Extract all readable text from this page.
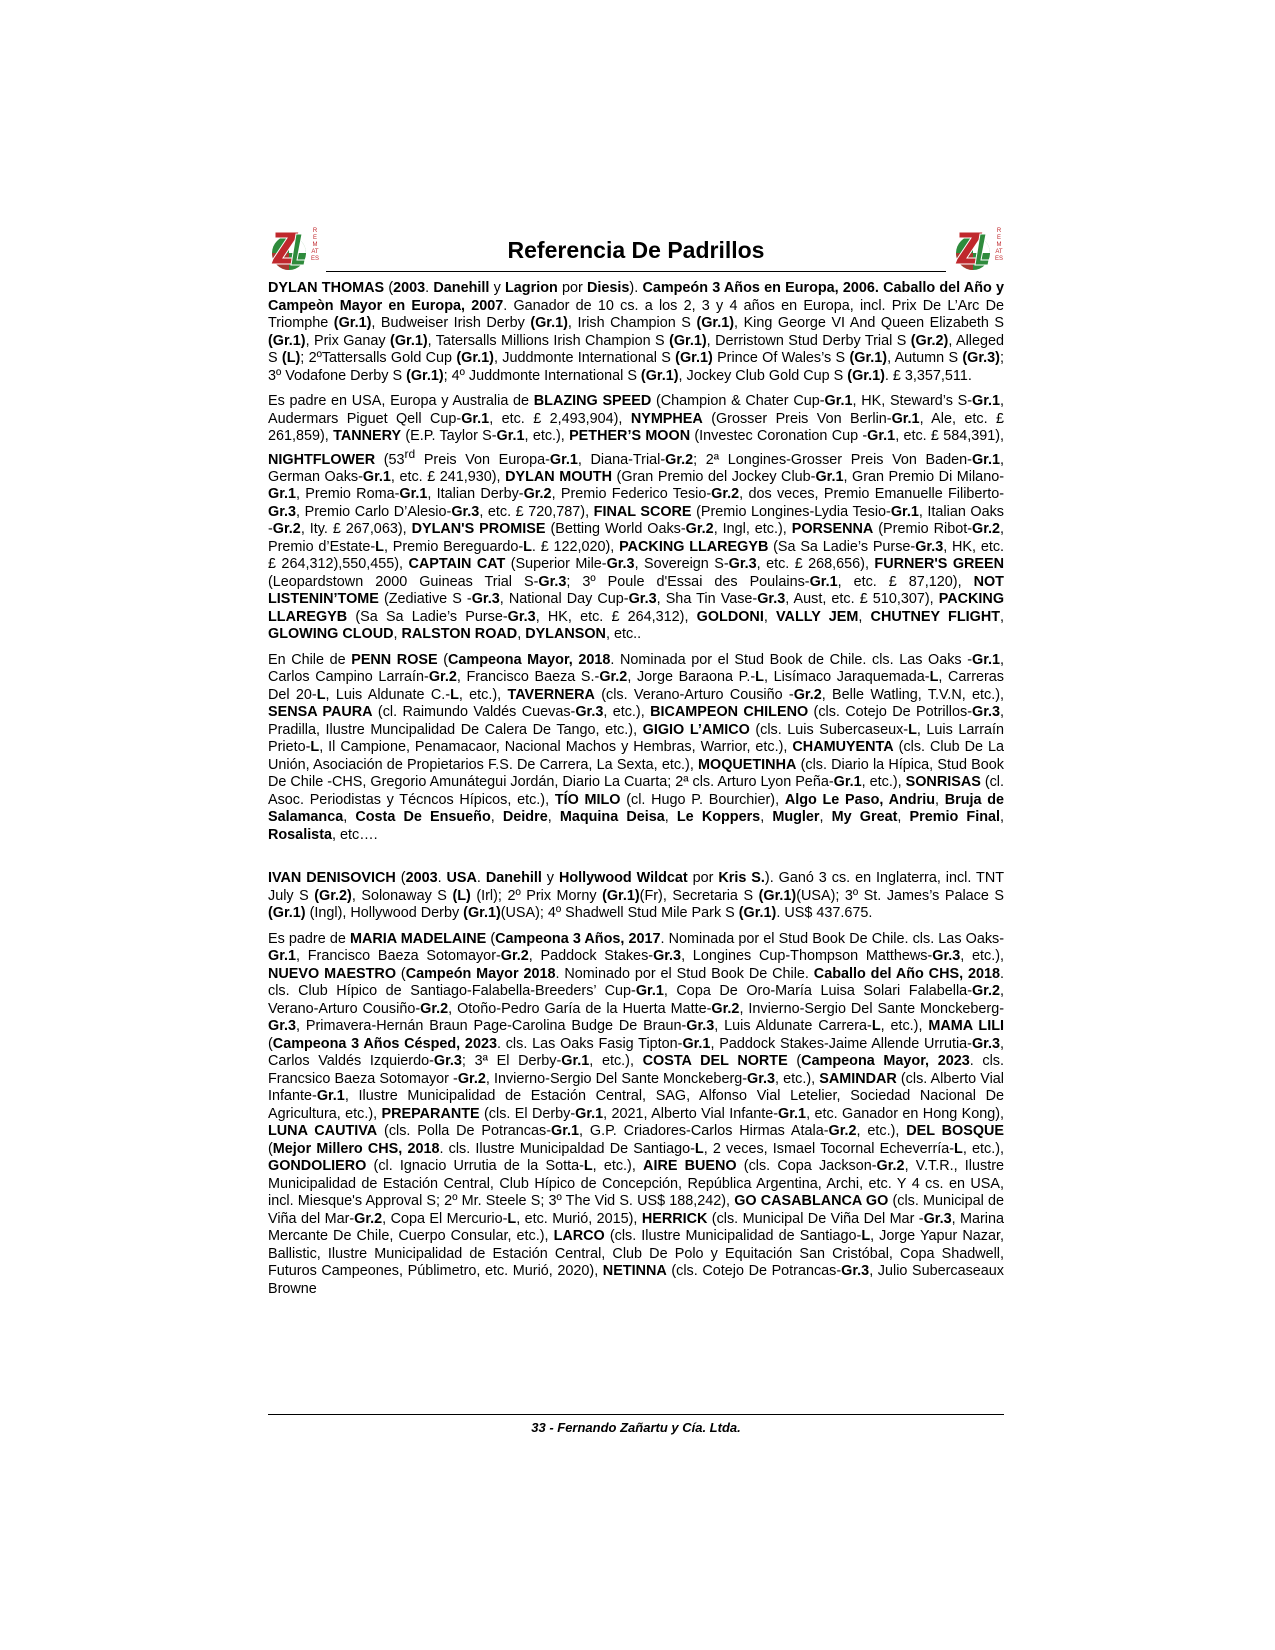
REMATES	Referencia De Padrillos
REMATES

DYLAN THOMAS (2003. Danehill y Lagrion por Diesis). Campeón 3 Años en Europa, 2006. Caballo del Año y Campeòn Mayor en Europa, 2007. Ganador de 10 cs. a los 2, 3 y 4 años en Europa, incl. Prix De L’Arc De Triomphe (Gr.1), Budweiser Irish Derby (Gr.1), Irish Champion S (Gr.1), King George VI And Queen Elizabeth S (Gr.1), Prix Ganay (Gr.1), Tatersalls Millions Irish Champion S (Gr.1), Derristown Stud Derby Trial S (Gr.2), Alleged S (L); 2ºTattersalls Gold Cup (Gr.1), Juddmonte International S (Gr.1) Prince Of Wales’s S (Gr.1), Autumn S (Gr.3); 3º Vodafone Derby S (Gr.1); 4º Juddmonte International S (Gr.1), Jockey Club Gold Cup S (Gr.1). £ 3,357,511.

Es padre en USA, Europa y Australia de BLAZING SPEED (Champion & Chater Cup-Gr.1, HK, Steward’s S-Gr.1, Audermars Piguet Qell Cup-Gr.1, etc. £ 2,493,904), NYMPHEA (Grosser Preis Von Berlin-Gr.1, Ale, etc. £ 261,859), TANNERY (E.P. Taylor S-Gr.1, etc.), PETHER’S MOON (Investec Coronation Cup -Gr.1, etc. £ 584,391), NIGHTFLOWER (53rd Preis Von Europa-Gr.1, Diana-Trial-Gr.2; 2ª Longines-Grosser Preis Von Baden-Gr.1, German Oaks-Gr.1, etc. £ 241,930), DYLAN MOUTH (Gran Premio del Jockey Club-Gr.1, Gran Premio Di Milano-Gr.1, Premio Roma-Gr.1, Italian Derby-Gr.2, Premio Federico Tesio-Gr.2, dos veces, Premio Emanuelle Filiberto-Gr.3, Premio Carlo D’Alesio-Gr.3, etc. £ 720,787), FINAL SCORE (Premio Longines-Lydia Tesio-Gr.1, Italian Oaks -Gr.2, Ity. £ 267,063), DYLAN'S PROMISE (Betting World Oaks-Gr.2, Ingl, etc.), PORSENNA (Premio Ribot-Gr.2, Premio d’Estate-L, Premio Bereguardo-L. £ 122,020), PACKING LLAREGYB (Sa Sa Ladie’s Purse-Gr.3, HK, etc. £ 264,312),550,455), CAPTAIN CAT (Superior Mile-Gr.3, Sovereign S-Gr.3, etc. £ 268,656), FURNER'S GREEN (Leopardstown 2000 Guineas Trial S-Gr.3; 3º Poule d'Essai des Poulains-Gr.1, etc. £ 87,120), NOT LISTENIN’TOME (Zediative S -Gr.3, National Day Cup-Gr.3, Sha Tin Vase-Gr.3, Aust, etc. £ 510,307), PACKING LLAREGYB (Sa Sa Ladie’s Purse-Gr.3, HK, etc. £ 264,312), GOLDONI, VALLY JEM, CHUTNEY FLIGHT, GLOWING CLOUD, RALSTON ROAD, DYLANSON, etc..

En Chile de PENN ROSE (Campeona Mayor, 2018. Nominada por el Stud Book de Chile. cls. Las Oaks -Gr.1, Carlos Campino Larraín-Gr.2, Francisco Baeza S.-Gr.2, Jorge Baraona P.-L, Lisímaco Jaraquemada-L, Carreras Del 20-L, Luis Aldunate C.-L, etc.), TAVERNERA (cls. Verano-Arturo Cousiño -Gr.2, Belle Watling, T.V.N, etc.), SENSA PAURA (cl. Raimundo Valdés Cuevas-Gr.3, etc.), BICAMPEON CHILENO (cls. Cotejo De Potrillos-Gr.3, Pradilla, Ilustre Muncipalidad De Calera De Tango, etc.), GIGIO L’AMICO (cls. Luis Subercaseux-L, Luis Larraín Prieto-L, Il Campione, Penamacaor, Nacional Machos y Hembras, Warrior, etc.), CHAMUYENTA (cls. Club De La Unión, Asociación de Propietarios F.S. De Carrera, La Sexta, etc.), MOQUETINHA (cls. Diario la Hípica, Stud Book De Chile -CHS, Gregorio Amunátegui Jordán, Diario La Cuarta; 2ª cls. Arturo Lyon Peña-Gr.1, etc.), SONRISAS (cl. Asoc. Periodistas y Técncos Hípicos, etc.), TÍO MILO (cl. Hugo P. Bourchier), Algo Le Paso, Andriu, Bruja de Salamanca, Costa De Ensueño, Deidre, Maquina Deisa, Le Koppers, Mugler, My Great, Premio Final, Rosalista, etc….

IVAN DENISOVICH (2003. USA. Danehill y Hollywood Wildcat por Kris S.). Ganó 3 cs. en Inglaterra, incl. TNT July S (Gr.2), Solonaway S (L) (Irl); 2º Prix Morny (Gr.1)(Fr), Secretaria S (Gr.1)(USA); 3º St. James’s Palace S (Gr.1) (Ingl), Hollywood Derby (Gr.1)(USA); 4º Shadwell Stud Mile Park S (Gr.1). US$ 437.675.

Es padre de MARIA MADELAINE (Campeona 3 Años, 2017. Nominada por el Stud Book De Chile. cls. Las Oaks-Gr.1, Francisco Baeza Sotomayor-Gr.2, Paddock Stakes-Gr.3, Longines Cup-Thompson Matthews-Gr.3, etc.), NUEVO MAESTRO (Campeón Mayor 2018. Nominado por el Stud Book De Chile. Caballo del Año CHS, 2018. cls. Club Hípico de Santiago-Falabella-Breeders’ Cup-Gr.1, Copa De Oro-María Luisa Solari Falabella-Gr.2, Verano-Arturo Cousiño-Gr.2, Otoño-Pedro Garía de la Huerta Matte-Gr.2, Invierno-Sergio Del Sante Monckeberg-Gr.3, Primavera-Hernán Braun Page-Carolina Budge De Braun-Gr.3, Luis Aldunate Carrera-L, etc.), MAMA LILI (Campeona 3 Años Césped, 2023. cls. Las Oaks Fasig Tipton-Gr.1, Paddock Stakes-Jaime Allende Urrutia-Gr.3, Carlos Valdés Izquierdo-Gr.3; 3ª El Derby-Gr.1, etc.), COSTA DEL NORTE (Campeona Mayor, 2023. cls. Francsico Baeza Sotomayor -Gr.2, Invierno-Sergio Del Sante Monckeberg-Gr.3, etc.), SAMINDAR (cls. Alberto Vial Infante-Gr.1, Ilustre Municipalidad de Estación Central, SAG, Alfonso Vial Letelier, Sociedad Nacional De Agricultura, etc.), PREPARANTE (cls. El Derby-Gr.1, 2021, Alberto Vial Infante-Gr.1, etc. Ganador en Hong Kong), LUNA CAUTIVA (cls. Polla De Potrancas-Gr.1, G.P. Criadores-Carlos Hirmas Atala-Gr.2, etc.), DEL BOSQUE (Mejor Millero CHS, 2018. cls. Ilustre Municipaldad De Santiago-L, 2 veces, Ismael Tocornal Echeverría-L, etc.), GONDOLIERO (cl. Ignacio Urrutia de la Sotta-L, etc.), AIRE BUENO (cls. Copa Jackson-Gr.2, V.T.R., Ilustre Municipalidad de Estación Central, Club Hípico de Concepción, República Argentina, Archi, etc. Y 4 cs. en USA, incl. Miesque's Approval S; 2º Mr. Steele S; 3º The Vid S. US$ 188,242), GO CASABLANCA GO (cls. Municipal de Viña del Mar-Gr.2, Copa El Mercurio-L, etc. Murió, 2015), HERRICK (cls. Municipal De Viña Del Mar -Gr.3, Marina Mercante De Chile, Cuerpo Consular, etc.), LARCO (cls. Ilustre Municipalidad de Santiago-L, Jorge Yapur Nazar, Ballistic, Ilustre Municipalidad de Estación Central, Club De Polo y Equitación San Cristóbal, Copa Shadwell, Futuros Campeones, Públimetro, etc. Murió, 2020), NETINNA (cls. Cotejo De Potrancas-Gr.3, Julio Subercaseaux Browne

33 - Fernando Zañartu y Cía. Ltda.
